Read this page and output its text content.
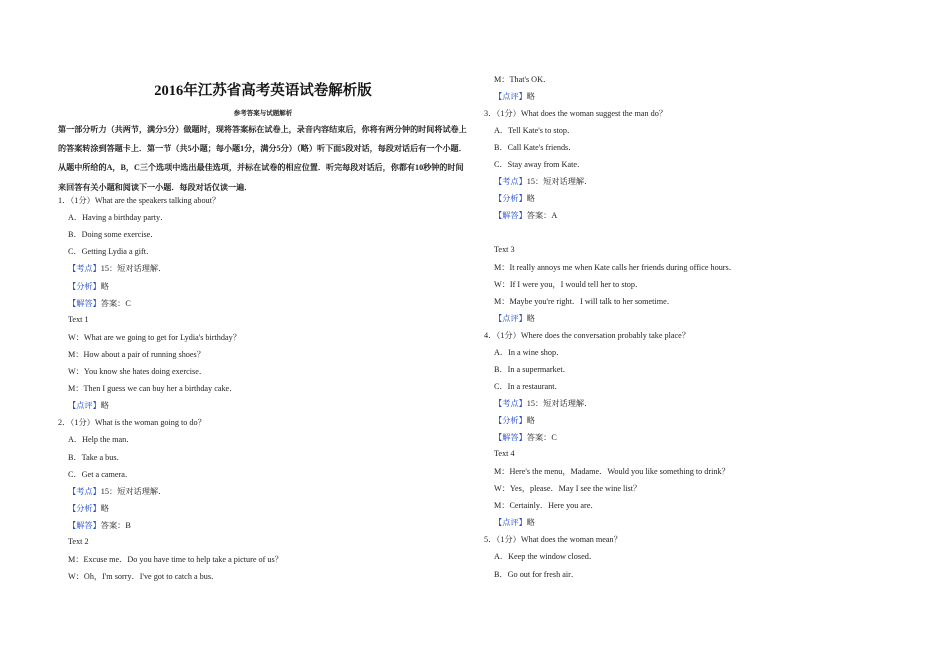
2016年江苏省高考英语试卷解析版
参考答案与试题解析
第一部分听力（共两节，满分5分）做题时，现将答案标在试卷上，录音内容结束后，你将有两分钟的时间将试卷上的答案转涂到答题卡上．第一节（共5小题；每小题1分，满分5分）（略）听下面5段对话，每段对话后有一个小题．从题中所给的A，B，C三个选项中选出最佳选项，并标在试卷的相应位置．听完每段对话后，你都有10秒钟的时间来回答有关小题和阅读下一小题．每段对话仅读一遍．
1．（1分）What are the speakers talking about？
A．Having a birthday party．
B．Doing some exercise．
C．Getting Lydia a gift．
【考点】15：短对话理解．
【分析】略
【解答】答案：C
Text 1
W：What are we going to get for Lydia's birthday？
M：How about a pair of running shoes？
W：You know she hates doing exercise．
M：Then I guess we can buy her a birthday cake．
【点评】略
2．（1分）What is the woman going to do？
A．Help the man．
B．Take a bus．
C．Get a camera．
【考点】15：短对话理解．
【分析】略
【解答】答案：B
Text 2
M：Excuse me．Do you have time to help take a picture of us？
W：Oh，I'm sorry．I've got to catch a bus．
M：That's OK．
【点评】略
3．（1分）What does the woman suggest the man do？
A．Tell Kate's to stop．
B．Call Kate's friends．
C．Stay away from Kate．
【考点】15：短对话理解．
【分析】略
【解答】答案：A
Text 3
M：It really annoys me when Kate calls her friends during office hours．
W：If I were you，I would tell her to stop．
M：Maybe you're right．I will talk to her sometime．
【点评】略
4．（1分）Where does the conversation probably take place？
A．In a wine shop．
B．In a supermarket．
C．In a restaurant．
【考点】15：短对话理解．
【分析】略
【解答】答案：C
Text 4
M：Here's the menu，Madame．Would you like something to drink？
W：Yes，please．May I see the wine list？
M：Certainly．Here you are．
【点评】略
5．（1分）What does the woman mean？
A．Keep the window closed．
B．Go out for fresh air．
